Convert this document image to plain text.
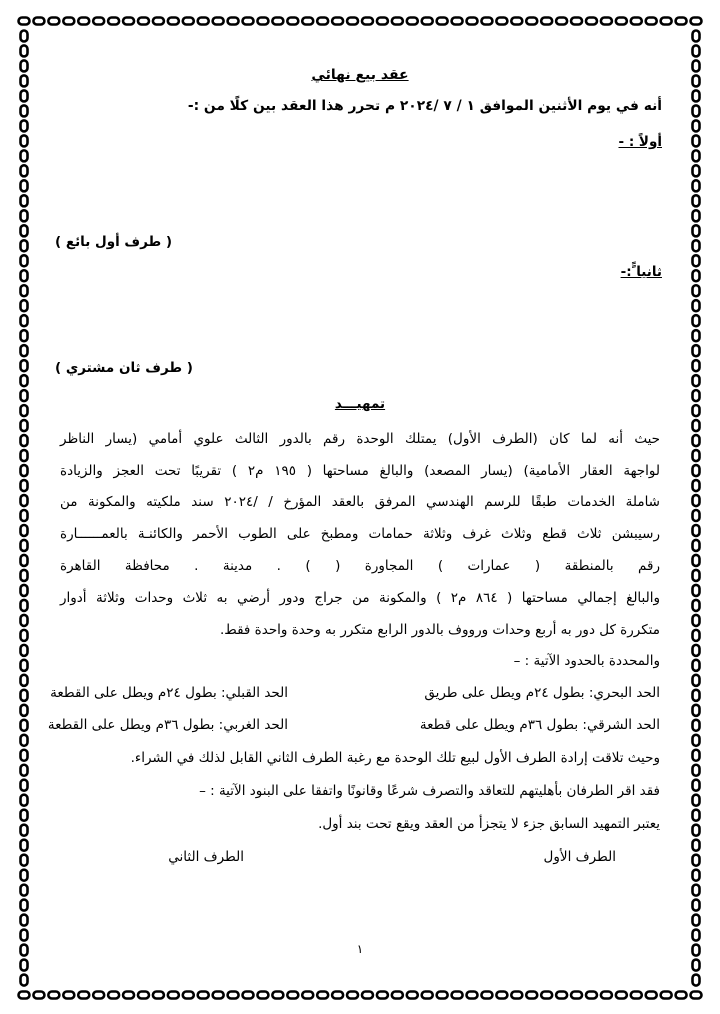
عقد بيع نهائي
أنه في يوم الأثنين الموافق ١ / ٧ /٢٠٢٤ م تحرر هذا العقد بين كلًا من :-
أولاً : -
( طرف أول بائع )
ثانيا ًً:-
( طرف ثان مشتري )
تمهيـــد
حيث أنه لما كان (الطرف الأول) يمتلك الوحدة رقم بالدور الثالث علوي أمامي (يسار الناظر
لواجهة العقار الأمامية) (يسار المصعد) والبالغ مساحتها ( ١٩٥ م٢ ) تقريبًا تحت العجز والزيادة
شاملة الخدمات طبقًا للرسم الهندسي المرفق بالعقد المؤرخ / /٢٠٢٤ سند ملكيته والمكونة من
رسيبشن ثلاث قطع وثلاث غرف وثلاثة حمامات ومطبخ على الطوب الأحمر والكائنـة بالعمــــــارة
رقم بالمنطقة ( عمارات ) المجاورة ( ) . مدينة . محافظة القاهرة
والبالغ إجمالي مساحتها ( ٨٦٤ م٢ ) والمكونة من جراج ودور أرضي به ثلاث وحدات وثلاثة أدوار
متكررة كل دور به أربع وحدات ورووف بالدور الرابع متكرر به وحدة واحدة فقط.
والمحددة بالحدود الآتية : –
الحد البحري: بطول ٢٤م ويطل على طريق
الحد القبلي: بطول ٢٤م ويطل على القطعة
الحد الشرقي: بطول ٣٦م ويطل على قطعة
الحد الغربي: بطول ٣٦م ويطل على القطعة
وحيث تلاقت إرادة الطرف الأول لبيع تلك الوحدة مع رغبة الطرف الثاني القابل لذلك في الشراء.
فقد اقر الطرفان بأهليتهم للتعاقد والتصرف شرعًا وقانونًا واتفقا على البنود الآتية : –
يعتبر التمهيد السابق جزء لا يتجزأ من العقد ويقع تحت بند أول.
الطرف الأول
الطرف الثاني
١
